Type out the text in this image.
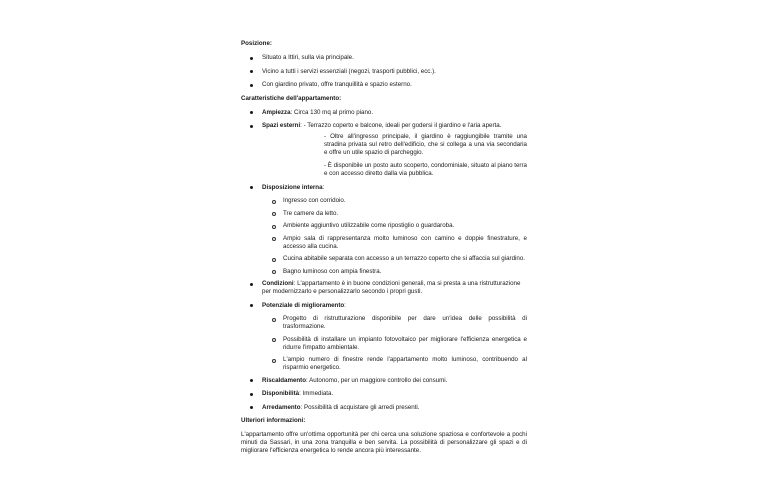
Posizione:
Situato a Ittiri, sulla via principale.
Vicino a tutti i servizi essenziali (negozi, trasporti pubblici, ecc.).
Con giardino privato, offre tranquillità e spazio esterno.
Caratteristiche dell'appartamento:
Ampiezza: Circa 130 mq al primo piano.
Spazi esterni: - Terrazzo coperto e balcone, ideali per godersi il giardino e l'aria aperta.
- Oltre all'ingresso principale, il giardino è raggiungibile tramite una stradina privata sul retro dell'edificio, che si collega a una via secondaria e offre un utile spazio di parcheggio.
- È disponibile un posto auto scoperto, condominiale, situato al piano terra e con accesso diretto dalla via pubblica.
Disposizione interna:
Ingresso con corridoio.
Tre camere da letto.
Ambiente aggiuntivo utilizzabile come ripostiglio o guardaroba.
Ampio sala di rappresentanza molto luminoso con camino e doppie finestrature, e accesso alla cucina.
Cucina abitabile separata con accesso a un terrazzo coperto che si affaccia sul giardino.
Bagno luminoso con ampia finestra.
Condizioni: L'appartamento è in buone condizioni generali, ma si presta a una ristrutturazione per modernizzarlo e personalizzarlo secondo i propri gusti.
Potenziale di miglioramento:
Progetto di ristrutturazione disponibile per dare un'idea delle possibilità di trasformazione.
Possibilità di installare un impianto fotovoltaico per migliorare l'efficienza energetica e ridurre l'impatto ambientale.
L'ampio numero di finestre rende l'appartamento molto luminoso, contribuendo al risparmio energetico.
Riscaldamento: Autonomo, per un maggiore controllo dei consumi.
Disponibilità: Immediata.
Arredamento: Possibilità di acquistare gli arredi presenti.
Ulteriori informazioni:
L'appartamento offre un'ottima opportunità per chi cerca una soluzione spaziosa e confortevole a pochi minuti da Sassari, in una zona tranquilla e ben servita. La possibilità di personalizzare gli spazi e di migliorare l'efficienza energetica lo rende ancora più interessante.
